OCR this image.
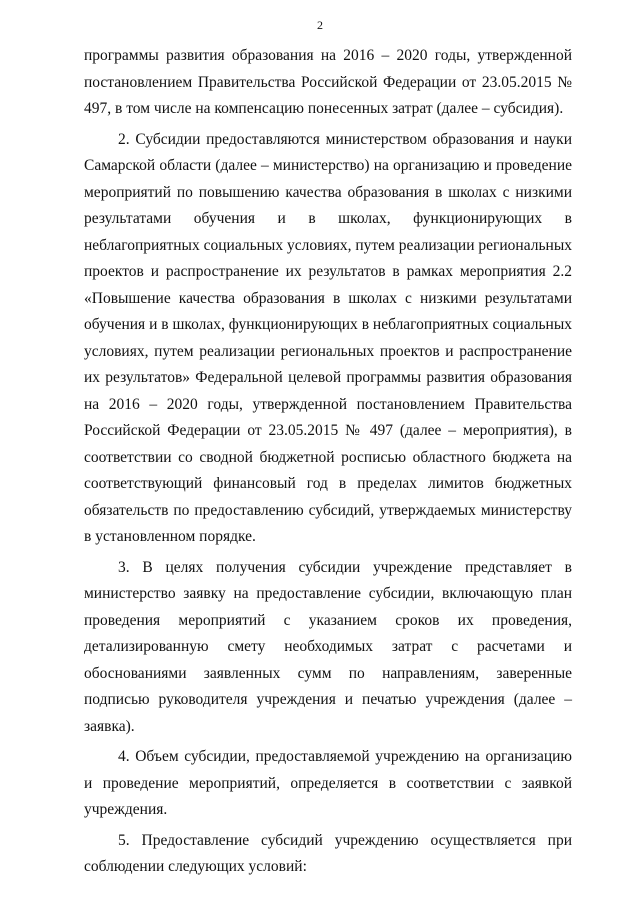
2

программы развития образования на 2016 – 2020 годы, утвержденной постановлением Правительства Российской Федерации от 23.05.2015 № 497, в том числе на компенсацию понесенных затрат (далее – субсидия).

2. Субсидии предоставляются министерством образования и науки Самарской области (далее – министерство) на организацию и проведение мероприятий по повышению качества образования в школах с низкими результатами обучения и в школах, функционирующих в неблагоприятных социальных условиях, путем реализации региональных проектов и распространение их результатов в рамках мероприятия 2.2 «Повышение качества образования в школах с низкими результатами обучения и в школах, функционирующих в неблагоприятных социальных условиях, путем реализации региональных проектов и распространение их результатов» Федеральной целевой программы развития образования на 2016 – 2020 годы, утвержденной постановлением Правительства Российской Федерации от 23.05.2015 № 497 (далее – мероприятия), в соответствии со сводной бюджетной росписью областного бюджета на соответствующий финансовый год в пределах лимитов бюджетных обязательств по предоставлению субсидий, утверждаемых министерству в установленном порядке.

3. В целях получения субсидии учреждение представляет в министерство заявку на предоставление субсидии, включающую план проведения мероприятий с указанием сроков их проведения, детализированную смету необходимых затрат с расчетами и обоснованиями заявленных сумм по направлениям, заверенные подписью руководителя учреждения и печатью учреждения (далее – заявка).

4. Объем субсидии, предоставляемой учреждению на организацию и проведение мероприятий, определяется в соответствии с заявкой учреждения.

5. Предоставление субсидий учреждению осуществляется при соблюдении следующих условий:
